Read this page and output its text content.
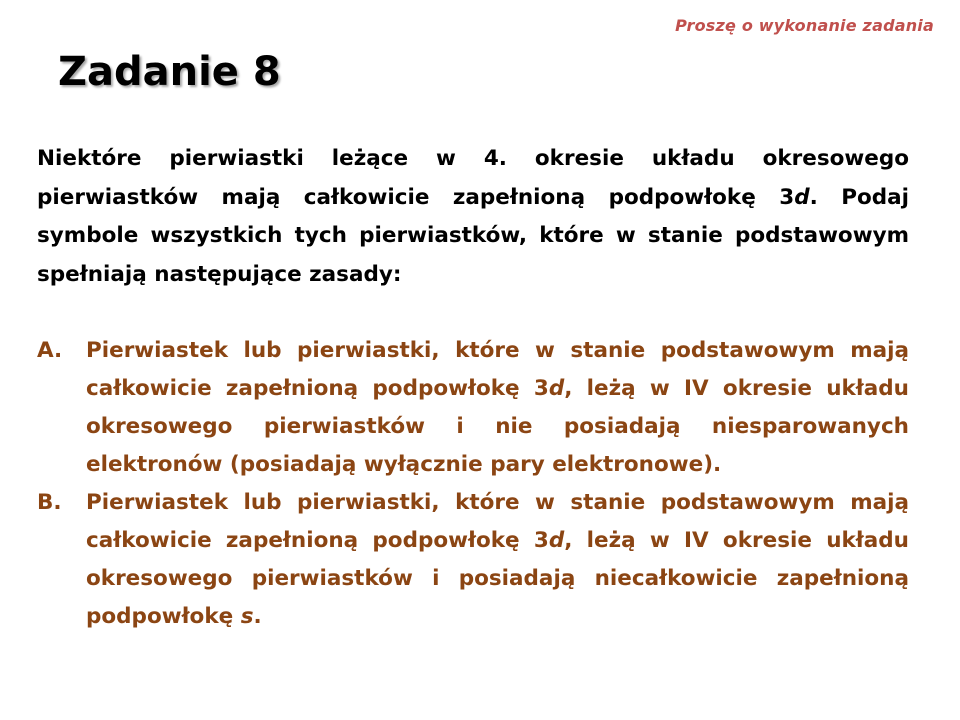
Proszę o wykonanie zadania
Zadanie 8

Niektóre pierwiastki leżące w 4. okresie układu okresowego pierwiastków mają całkowicie zapełnioną podpowłokę 3d. Podaj symbole wszystkich tych pierwiastków, które w stanie podstawowym spełniają następujące zasady:

A. Pierwiastek lub pierwiastki, które w stanie podstawowym mają całkowicie zapełnioną podpowłokę 3d, leżą w IV okresie układu okresowego pierwiastków i nie posiadają niesparowanych elektronów (posiadają wyłącznie pary elektronowe).
B. Pierwiastek lub pierwiastki, które w stanie podstawowym mają całkowicie zapełnioną podpowłokę 3d, leżą w IV okresie układu okresowego pierwiastków i posiadają niecałkowicie zapełnioną podpowłokę s.
